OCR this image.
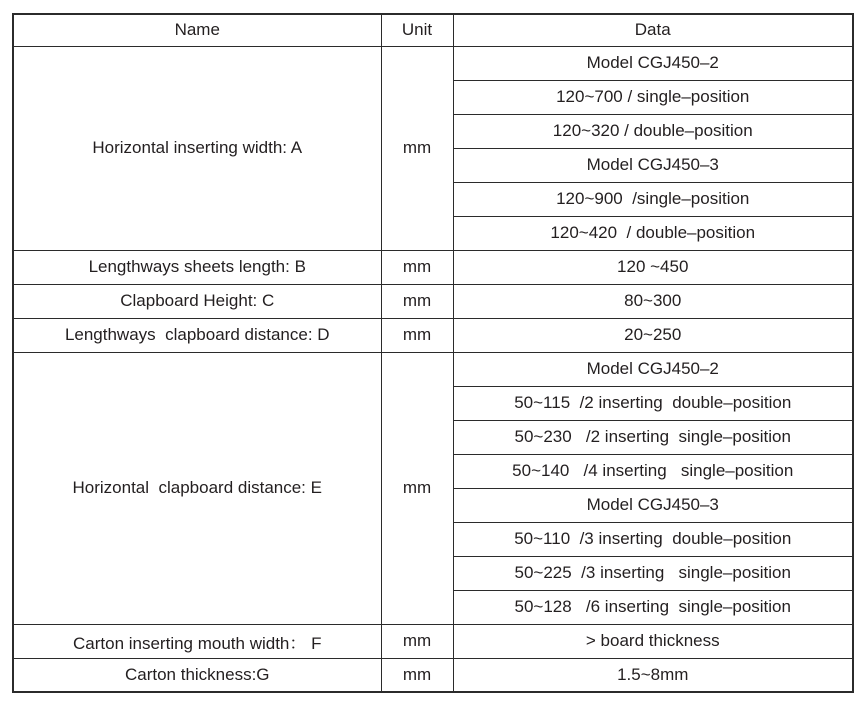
Name	Unit	Data
Horizontal inserting width: A	mm	Model CGJ450–2
		120~700 / single–position
		120~320 / double–position
		Model CGJ450–3
		120~900  /single–position
		120~420  / double–position
Lengthways sheets length: B	mm	120 ~450
Clapboard Height: C	mm	80~300
Lengthways  clapboard distance: D	mm	20~250
Horizontal  clapboard distance: E	mm	Model CGJ450–2
		50~115  /2 inserting  double–position
		50~230   /2 inserting  single–position
		50~140   /4 inserting   single–position
		Model CGJ450–3
		50~110  /3 inserting  double–position
		50~225  /3 inserting   single–position
		50~128   /6 inserting  single–position
Carton inserting mouth width： F	mm	> board thickness
Carton thickness:G	mm	1.5~8mm
